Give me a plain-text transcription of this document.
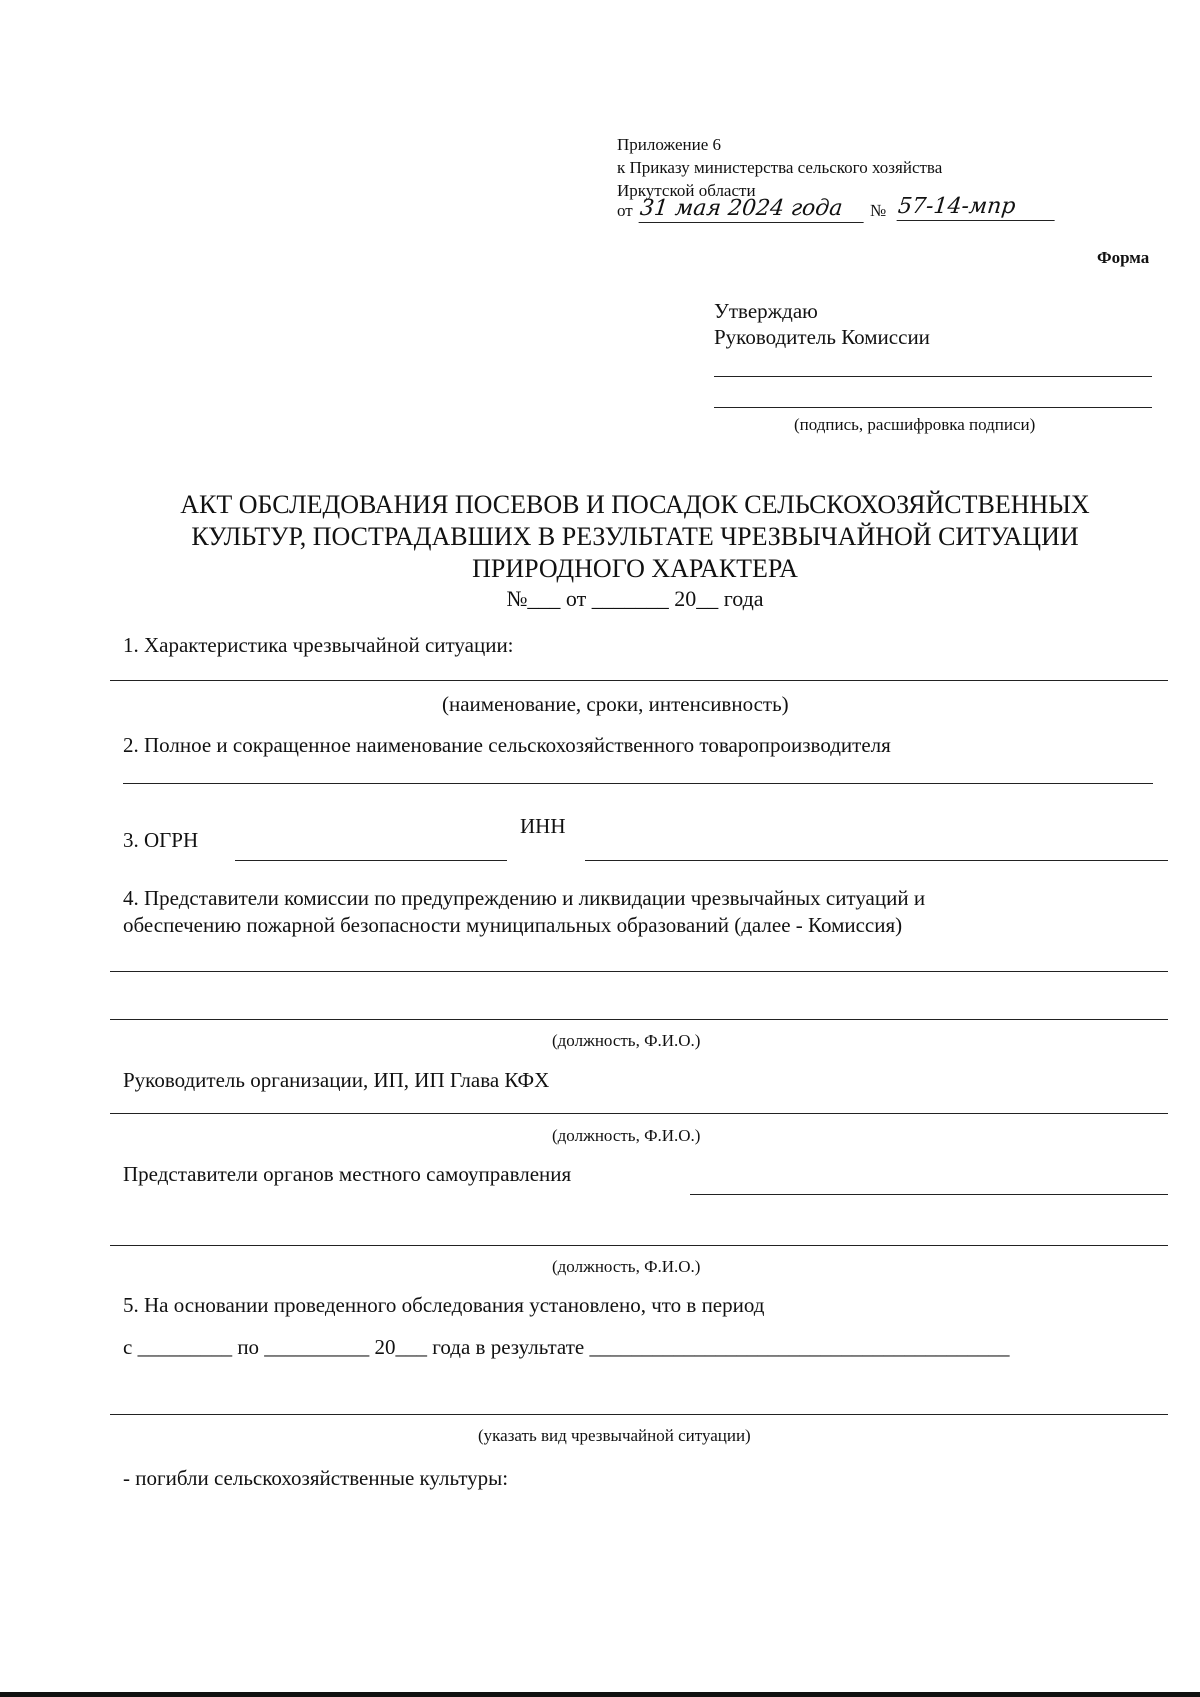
Приложение 6

к Приказу министерства сельского хозяйства

Иркутской области

от 31 мая 2024 года	№ 57-14-мпр

Форма

Утверждаю

Руководитель Комиссии

(подпись, расшифровка подписи)

АКТ ОБСЛЕДОВАНИЯ ПОСЕВОВ И ПОСАДОК СЕЛЬСКОХОЗЯЙСТВЕННЫХ
КУЛЬТУР, ПОСТРАДАВШИХ В РЕЗУЛЬТАТЕ ЧРЕЗВЫЧАЙНОЙ СИТУАЦИИ
ПРИРОДНОГО ХАРАКТЕРА
№___ от _______ 20__ года

1. Характеристика чрезвычайной ситуации:

(наименование, сроки, интенсивность)

2. Полное и сокращенное наименование сельскохозяйственного товаропроизводителя

3. ОГРН

ИНН

4. Представители комиссии по предупреждению и ликвидации чрезвычайных ситуаций и

обеспечению пожарной безопасности муниципальных образований (далее - Комиссия)

(должность, Ф.И.О.)

Руководитель организации, ИП, ИП Глава КФХ

(должность, Ф.И.О.)

Представители органов местного самоуправления

(должность, Ф.И.О.)

5. На основании проведенного обследования установлено, что в период

с _________ по __________ 20___ года в результате ________________________________________

(указать вид чрезвычайной ситуации)

- погибли сельскохозяйственные культуры:
